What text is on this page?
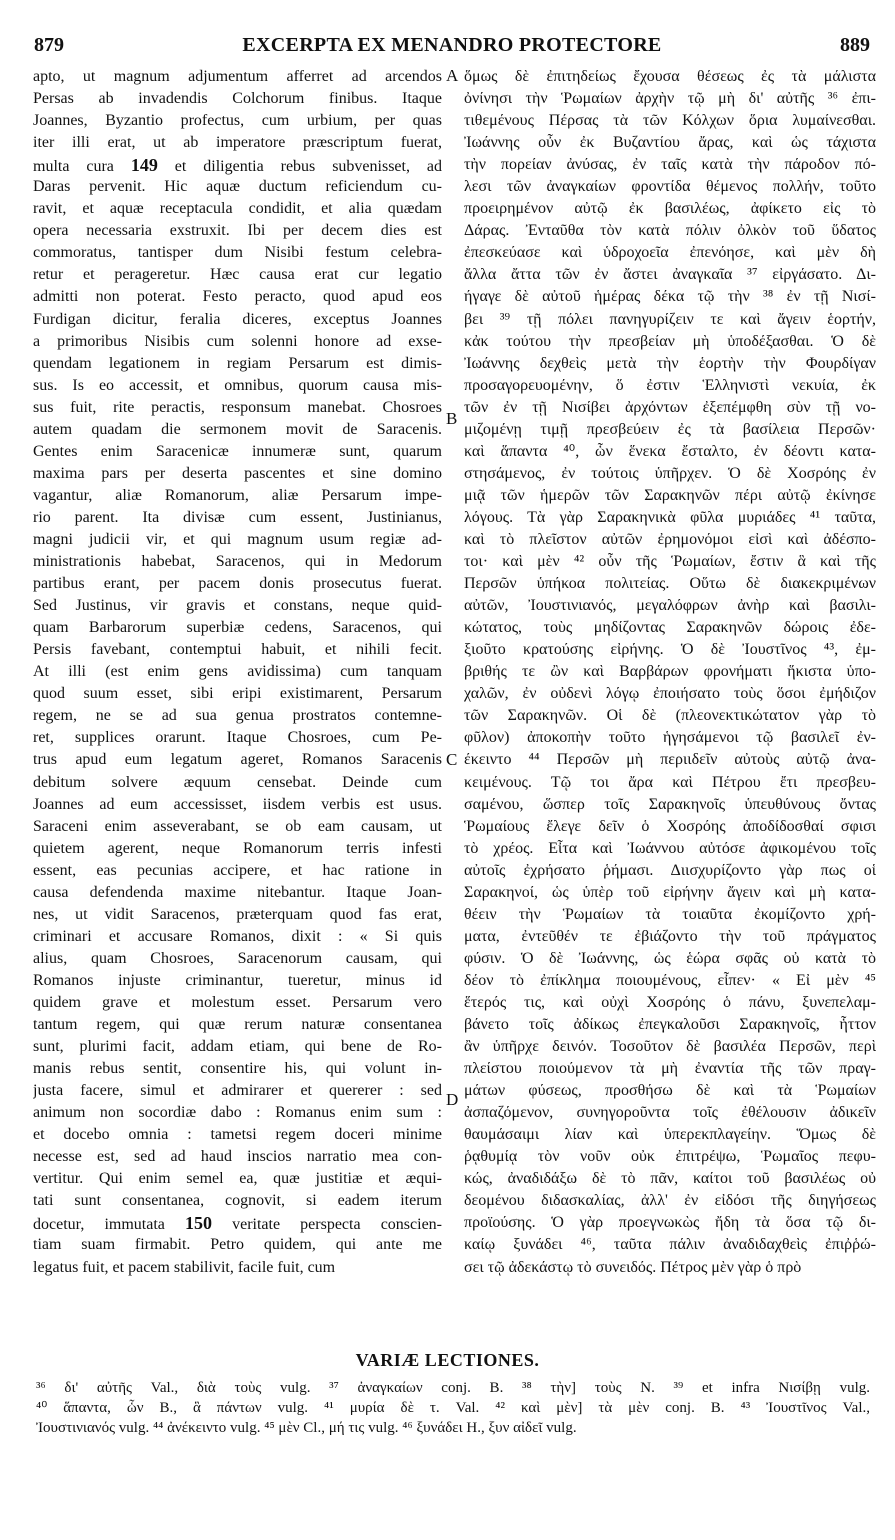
879	EXCERPTA EX MENANDRO PROTECTORE	889
apto, ut magnum adjumentum afferret ad arcendos
Persas ab invadendis Colchorum finibus. Itaque
Joannes, Byzantio profectus, cum urbium, per quas
iter illi erat, ut ab imperatore præscriptum fuerat,
multa cura 149 et diligentia rebus subvenisset, ad
Daras pervenit. Hic aquæ ductum reficiendum cu-
ravit, et aquæ receptacula condidit, et alia quædam
opera necessaria exstruxit. Ibi per decem dies est
commoratus, tantisper dum Nisibi festum celebra-
retur et perageretur. Hæc causa erat cur legatio
admitti non poterat. Festo peracto, quod apud eos
Furdigan dicitur, feralia diceres, exceptus Joannes
a primoribus Nisibis cum solenni honore ad exse-
quendam legationem in regiam Persarum est dimis-
sus. Is eo accessit, et omnibus, quorum causa mis-
sus fuit, rite peractis, responsum manebat. Chosroes
autem quadam die sermonem movit de Saracenis.
Gentes enim Saracenicæ innumeræ sunt, quarum
maxima pars per deserta pascentes et sine domino
vagantur, aliæ Romanorum, aliæ Persarum impe-
rio parent. Ita divisæ cum essent, Justinianus,
magni judicii vir, et qui magnum usum regiæ ad-
ministrationis habebat, Saracenos, qui in Medorum
partibus erant, per pacem donis prosecutus fuerat.
Sed Justinus, vir gravis et constans, neque quid-
quam Barbarorum superbiæ cedens, Saracenos, qui
Persis favebant, contemptui habuit, et nihili fecit.
At illi (est enim gens avidissima) cum tanquam
quod suum esset, sibi eripi existimarent, Persarum
regem, ne se ad sua genua prostratos contemne-
ret, supplices orarunt. Itaque Chosroes, cum Pe-
trus apud eum legatum ageret, Romanos Saracenis
debitum solvere æquum censebat. Deinde cum
Joannes ad eum accessisset, iisdem verbis est usus.
Saraceni enim asseverabant, se ob eam causam, ut
quietem agerent, neque Romanorum terris infesti
essent, eas pecunias accipere, et hac ratione in
causa defendenda maxime nitebantur. Itaque Joan-
nes, ut vidit Saracenos, præterquam quod fas erat,
criminari et accusare Romanos, dixit : « Si quis
alius, quam Chosroes, Saracenorum causam, qui
Romanos injuste criminantur, tueretur, minus id
quidem grave et molestum esset. Persarum vero
tantum regem, qui quæ rerum naturæ consentanea
sunt, plurimi facit, addam etiam, qui bene de Ro-
manis rebus sentit, consentire his, qui volunt in-
justa facere, simul et admirarer et quererer : sed
animum non socordiæ dabo : Romanus enim sum :
et docebo omnia : tametsi regem doceri minime
necesse est, sed ad haud inscios narratio mea con-
vertitur. Qui enim semel ea, quæ justitiæ et æqui-
tati sunt consentanea, cognovit, si eadem iterum
docetur, immutata 150 veritate perspecta conscien-
tiam suam firmabit. Petro quidem, qui ante me
legatus fuit, et pacem stabilivit, facile fuit, cum
A
B
C
D
ὅμως δὲ ἐπιτηδείως ἔχουσα θέσεως ἐς τὰ μάλιστα
ὀνίνησι τὴν Ῥωμαίων ἀρχὴν τῷ μὴ δι' αὐτῆς ³⁶ ἐπι-
τιθεμένους Πέρσας τὰ τῶν Κόλχων ὅρια λυμαίνεσθαι.
Ἰωάννης οὖν ἐκ Βυζαντίου ἄρας, καὶ ὡς τάχιστα
τὴν πορείαν ἀνύσας, ἐν ταῖς κατὰ τὴν πάροδον πό-
λεσι τῶν ἀναγκαίων φροντίδα θέμενος πολλήν, τοῦτο
προειρημένον αὐτῷ ἐκ βασιλέως, ἀφίκετο εἰς τὸ
Δάρας. Ἐνταῦθα τὸν κατὰ πόλιν ὀλκὸν τοῦ ὕδατος
ἐπεσκεύασε καὶ ὑδροχοεῖα ἐπενόησε, καὶ μὲν δὴ
ἄλλα ἄττα τῶν ἐν ἄστει ἀναγκαῖα ³⁷ εἰργάσατο. Δι-
ήγαγε δὲ αὐτοῦ ἡμέρας δέκα τῷ τὴν ³⁸ ἐν τῇ Νισί-
βει ³⁹ τῇ πόλει πανηγυρίζειν τε καὶ ἄγειν ἑορτήν,
κἀκ τούτου τὴν πρεσβείαν μὴ ὑποδέξασθαι. Ὁ δὲ
Ἰωάννης δεχθεὶς μετὰ τὴν ἑορτὴν τὴν Φουρδίγαν
προσαγορευομένην, ὅ ἐστιν Ἑλληνιστὶ νεκυία, ἐκ
τῶν ἐν τῇ Νισίβει ἀρχόντων ἐξεπέμφθη σὺν τῇ νο-
μιζομένῃ τιμῇ πρεσβεύειν ἐς τὰ βασίλεια Περσῶν·
καὶ ἅπαντα ⁴⁰, ὧν ἕνεκα ἔσταλτο, ἐν δέοντι κατα-
στησάμενος, ἐν τούτοις ὑπῆρχεν. Ὁ δὲ Χοσρόης ἐν
μιᾷ τῶν ἡμερῶν τῶν Σαρακηνῶν πέρι αὐτῷ ἐκίνησε
λόγους. Τὰ γὰρ Σαρακηνικὰ φῦλα μυριάδες ⁴¹ ταῦτα,
καὶ τὸ πλεῖστον αὐτῶν ἐρημονόμοι εἰσὶ καὶ ἀδέσπο-
τοι· καὶ μὲν ⁴² οὖν τῆς Ῥωμαίων, ἔστιν ἃ καὶ τῆς
Περσῶν ὑπήκοα πολιτείας. Οὕτω δὲ διακεκριμένων
αὐτῶν, Ἰουστινιανός, μεγαλόφρων ἀνὴρ καὶ βασιλι-
κώτατος, τοὺς μηδίζοντας Σαρακηνῶν δώροις ἐδε-
ξιοῦτο κρατούσης εἰρήνης. Ὁ δὲ Ἰουστῖνος ⁴³, ἐμ-
βριθής τε ὢν καὶ Βαρβάρων φρονήματι ἥκιστα ὑπο-
χαλῶν, ἐν οὐδενὶ λόγῳ ἐποιήσατο τοὺς ὅσοι ἐμήδιζον
τῶν Σαρακηνῶν. Οἱ δὲ (πλεονεκτικώτατον γὰρ τὸ
φῦλον) ἀποκοπὴν τοῦτο ἡγησάμενοι τῷ βασιλεῖ ἐν-
έκειντο ⁴⁴ Περσῶν μὴ περιιδεῖν αὐτοὺς αὐτῷ ἀνα-
κειμένους. Τῷ τοι ἄρα καὶ Πέτρου ἔτι πρεσβευ-
σαμένου, ὥσπερ τοῖς Σαρακηνοῖς ὑπευθύνους ὄντας
Ῥωμαίους ἔλεγε δεῖν ὁ Χοσρόης ἀποδίδοσθαί σφισι
τὸ χρέος. Εἶτα καὶ Ἰωάννου αὐτόσε ἀφικομένου τοῖς
αὐτοῖς ἐχρήσατο ῥήμασι. Διισχυρίζοντο γὰρ πως οἱ
Σαρακηνοί, ὡς ὑπὲρ τοῦ εἰρήνην ἄγειν καὶ μὴ κατα-
θέειν τὴν Ῥωμαίων τὰ τοιαῦτα ἐκομίζοντο χρή-
ματα, ἐντεῦθέν τε ἐβιάζοντο τὴν τοῦ πράγματος
φύσιν. Ὁ δὲ Ἰωάννης, ὡς ἑώρα σφᾶς οὐ κατὰ τὸ
δέον τὸ ἐπίκλημα ποιουμένους, εἶπεν· « Εἰ μὲν ⁴⁵
ἕτερός τις, καὶ οὐχὶ Χοσρόης ὁ πάνυ, ξυνεπελαμ-
βάνετο τοῖς ἀδίκως ἐπεγκαλοῦσι Σαρακηνοῖς, ἧττον
ἂν ὑπῆρχε δεινόν. Τοσοῦτον δὲ βασιλέα Περσῶν, περὶ
πλείστου ποιούμενον τὰ μὴ ἐναντία τῆς τῶν πραγ-
μάτων φύσεως, προσθήσω δὲ καὶ τὰ Ῥωμαίων
ἀσπαζόμενον, συνηγοροῦντα τοῖς ἐθέλουσιν ἀδικεῖν
θαυμάσαιμι λίαν καὶ ὑπερεκπλαγείην. Ὅμως δὲ
ῥᾳθυμίᾳ τὸν νοῦν οὐκ ἐπιτρέψω, Ῥωμαῖος πεφυ-
κώς, ἀναδιδάξω δὲ τὸ πᾶν, καίτοι τοῦ βασιλέως οὐ
δεομένου διδασκαλίας, ἀλλ' ἐν εἰδόσι τῆς διηγήσεως
προϊούσης. Ὁ γὰρ προεγνωκὼς ἤδη τὰ ὅσα τῷ δι-
καίῳ ξυνάδει ⁴⁶, ταῦτα πάλιν ἀναδιδαχθεὶς ἐπιῤῥώ-
σει τῷ ἀδεκάστῳ τὸ συνειδός. Πέτρος μὲν γὰρ ὁ πρὸ
VARIÆ LECTIONES.
³⁶ δι' αὐτῆς Val., διὰ τοὺς vulg. ³⁷ ἀναγκαίων conj. B. ³⁸ τὴν] τοὺς N. ³⁹ et infra Νισίβῃ vulg.
⁴⁰ ἅπαντα, ὧν B., ἃ πάντων vulg. ⁴¹ μυρία δὲ τ. Val. ⁴² καὶ μὲν] τὰ μὲν conj. B. ⁴³ Ἰουστῖνος Val.,
Ἰουστινιανός vulg. ⁴⁴ ἀνέκειντο vulg. ⁴⁵ μὲν Cl., μή τις vulg. ⁴⁶ ξυνάδει H., ξυν αἰδεῖ vulg.
